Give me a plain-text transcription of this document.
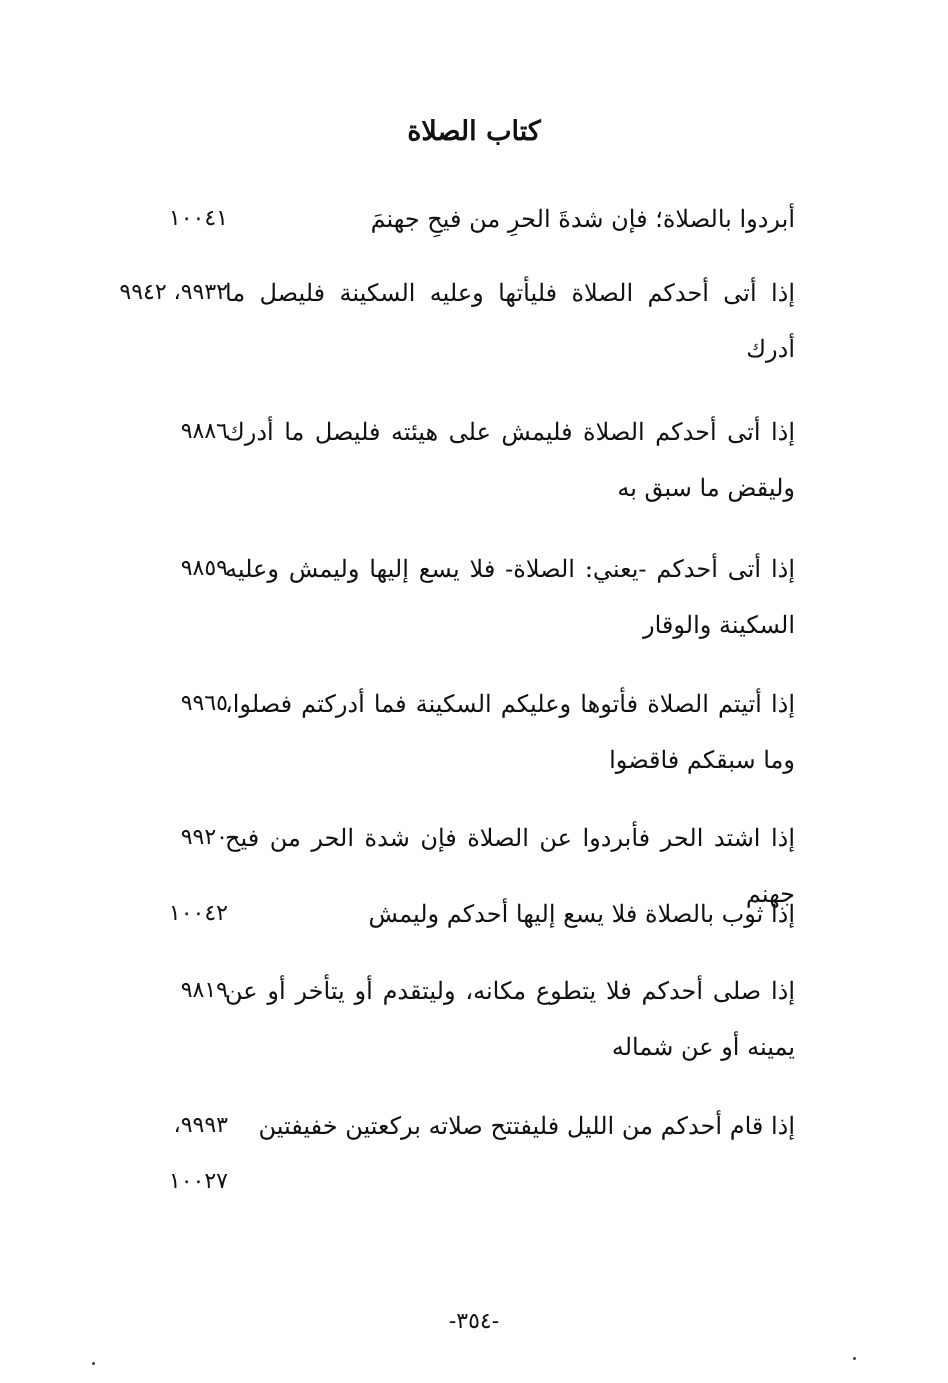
كتاب الصلاة
أبردوا بالصلاة؛ فإن شدةَ الحرِ من فيحِ جهنمَ
١٠٠٤١
إذا أتى أحدكم الصلاة فليأتها وعليه السكينة فليصل ما أدرك
٩٩٣٢، ٩٩٤٢
إذا أتى أحدكم الصلاة فليمش على هيئته فليصل ما أدرك وليقض ما سبق به
٩٨٨٦
إذا أتى أحدكم -يعني: الصلاة- فلا يسع إليها وليمش وعليه السكينة والوقار
٩٨٥٩
إذا أتيتم الصلاة فأتوها وعليكم السكينة فما أدركتم فصلوا، وما سبقكم فاقضوا
٩٩٦٥
إذا اشتد الحر فأبردوا عن الصلاة فإن شدة الحر من فيح جهنم
٩٩٢٠
إذا ثوب بالصلاة فلا يسع إليها أحدكم وليمش
١٠٠٤٢
إذا صلى أحدكم فلا يتطوع مكانه، وليتقدم أو يتأخر أو عن يمينه أو عن شماله
٩٨١٩
إذا قام أحدكم من الليل فليفتتح صلاته بركعتين خفيفتين
٩٩٩٣، ١٠٠٢٧
-٣٥٤-
